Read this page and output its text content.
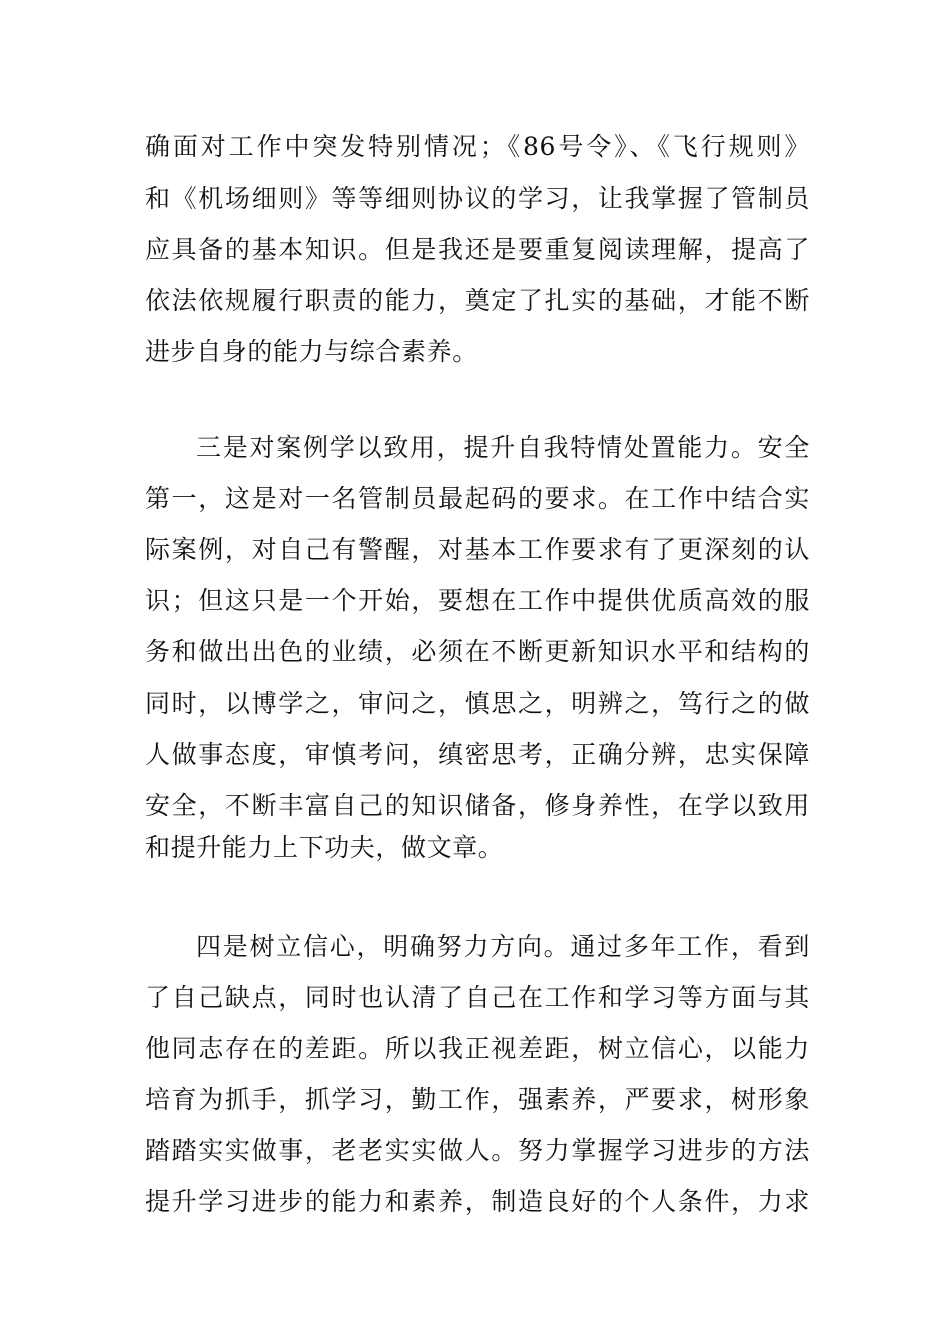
确面对工作中突发特别情况；《86号令》、《飞行规则》

和《机场细则》等等细则协议的学习，让我掌握了管制员

应具备的基本知识。但是我还是要重复阅读理解，提高了

依法依规履行职责的能力，奠定了扎实的基础，才能不断

进步自身的能力与综合素养。

三是对案例学以致用，提升自我特情处置能力。安全

第一，这是对一名管制员最起码的要求。在工作中结合实

际案例，对自己有警醒，对基本工作要求有了更深刻的认

识；但这只是一个开始，要想在工作中提供优质高效的服

务和做出出色的业绩，必须在不断更新知识水平和结构的

同时，以博学之，审问之，慎思之，明辨之，笃行之的做

人做事态度，审慎考问，缜密思考，正确分辨，忠实保障

安全，不断丰富自己的知识储备，修身养性，在学以致用

和提升能力上下功夫，做文章。

四是树立信心，明确努力方向。通过多年工作，看到

了自己缺点，同时也认清了自己在工作和学习等方面与其

他同志存在的差距。所以我正视差距，树立信心，以能力

培育为抓手，抓学习，勤工作，强素养，严要求，树形象

踏踏实实做事，老老实实做人。努力掌握学习进步的方法

提升学习进步的能力和素养，制造良好的个人条件，力求
